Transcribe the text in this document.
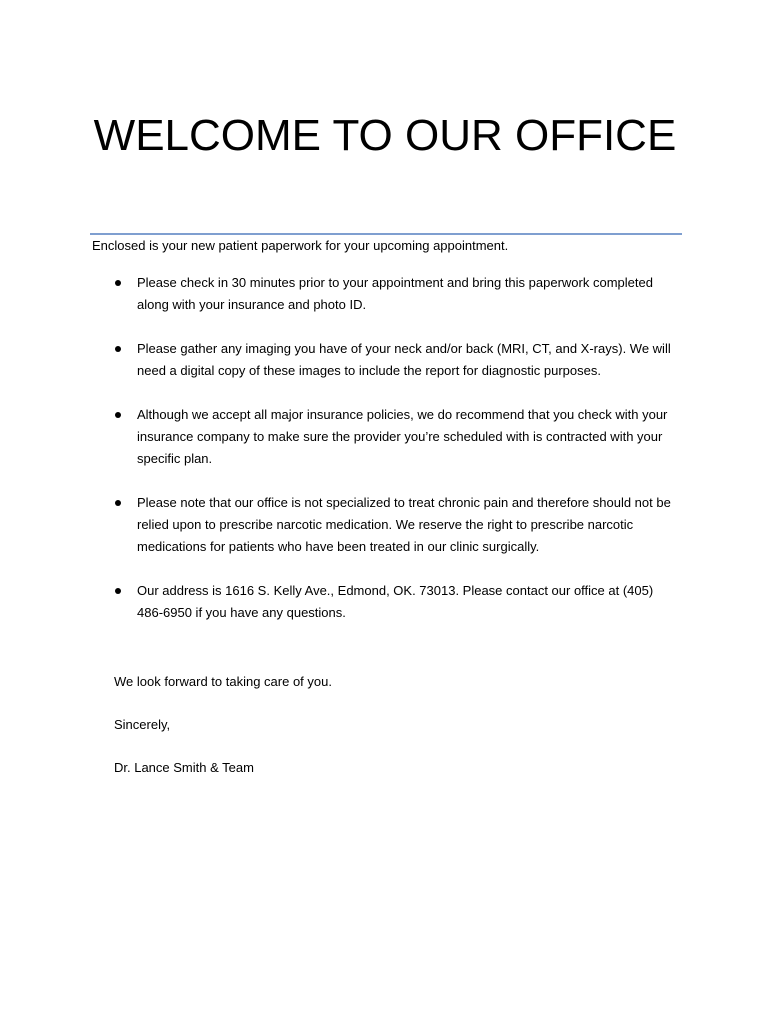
WELCOME TO OUR OFFICE

Enclosed is your new patient paperwork for your upcoming appointment.

Please check in 30 minutes prior to your appointment and bring this paperwork completed along with your insurance and photo ID.
Please gather any imaging you have of your neck and/or back (MRI, CT, and X-rays). We will need a digital copy of these images to include the report for diagnostic purposes.
Although we accept all major insurance policies, we do recommend that you check with your insurance company to make sure the provider you’re scheduled with is contracted with your specific plan.
Please note that our office is not specialized to treat chronic pain and therefore should not be relied upon to prescribe narcotic medication. We reserve the right to prescribe narcotic medications for patients who have been treated in our clinic surgically.
Our address is 1616 S. Kelly Ave., Edmond, OK. 73013. Please contact our office at (405) 486-6950 if you have any questions.

We look forward to taking care of you.

Sincerely,

Dr. Lance Smith & Team
